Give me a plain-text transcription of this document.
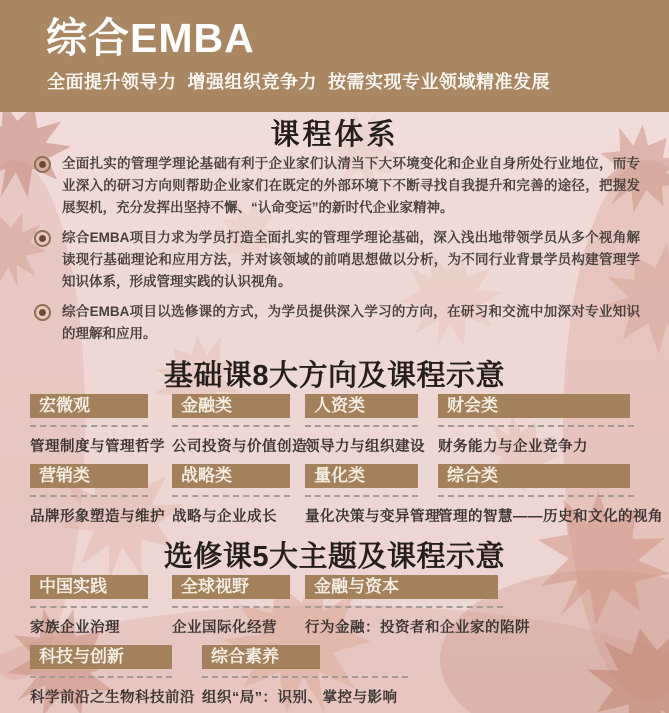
综合EMBA

全面提升领导力  增强组织竞争力  按需实现专业领域精准发展

课程体系

全面扎实的管理学理论基础有利于企业家们认清当下大环境变化和企业自身所处行业地位，而专业深入的研习方向则帮助企业家们在既定的外部环境下不断寻找自我提升和完善的途径，把握发展契机，充分发挥出坚持不懈、“认命变运”的新时代企业家精神。

综合EMBA项目力求为学员打造全面扎实的管理学理论基础，深入浅出地带领学员从多个视角解读现行基础理论和应用方法，并对该领域的前哨思想做以分析，为不同行业背景学员构建管理学知识体系，形成管理实践的认识视角。

综合EMBA项目以选修课的方式，为学员提供深入学习的方向，在研习和交流中加深对专业知识的理解和应用。

基础课8大方向及课程示意
宏微观
管理制度与管理哲学
金融类
公司投资与价值创造
人资类
领导力与组织建设
财会类
财务能力与企业竞争力
营销类
品牌形象塑造与维护
战略类
战略与企业成长
量化类
量化决策与变异管理
综合类
管理的智慧——历史和文化的视角
选修课5大主题及课程示意
中国实践
家族企业治理
全球视野
企业国际化经营
金融与资本
行为金融：投资者和企业家的陷阱
科技与创新
科学前沿之生物科技前沿
综合素养
组织“局”：识别、掌控与影响
